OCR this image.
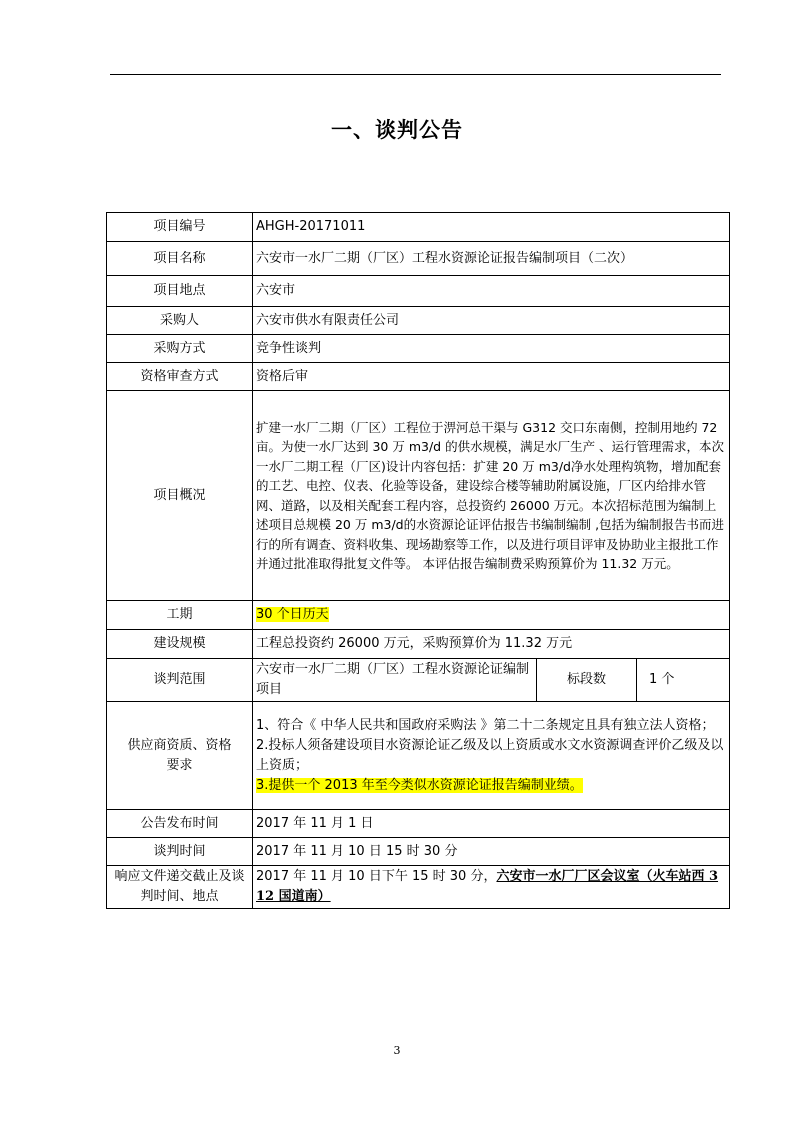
一、谈判公告
项目编号	AHGH-20171011		
项目名称	六安市一水厂二期（厂区）工程水资源论证报告编制项目（二次）		
项目地点	六安市		
采购人	六安市供水有限责任公司		
采购方式	竞争性谈判		
资格审查方式	资格后审		
项目概况	扩建一水厂二期（厂区）工程位于淠河总干渠与 G312 交口东南侧，控制用地约 72 亩。为使一水厂达到 30 万 m3/d 的供水规模，满足水厂生产 、运行管理需求，本次一水厂二期工程（厂区)设计内容包括：扩建 20 万 m3/d净水处理构筑物，增加配套的工艺、电控、仪表、化验等设备，建设综合楼等辅助附属设施，厂区内给排水管网、道路，以及相关配套工程内容，总投资约 26000 万元。本次招标范围为编制上述项目总规模 20 万 m3/d的水资源论证评估报告书编制编制 ,包括为编制报告书而进行的所有调查、资料收集、现场勘察等工作，以及进行项目评审及协助业主报批工作并通过批准取得批复文件等。 本评估报告编制费采购预算价为 11.32 万元。		
工期	30 个日历天		
建设规模	工程总投资约 26000 万元，采购预算价为 11.32 万元		
谈判范围	六安市一水厂二期（厂区）工程水资源论证编制项目	标段数	1 个
供应商资质、资格要求	1、符合《 中华人民共和国政府采购法 》第二十二条规定且具有独立法人资格；
2.投标人须备建设项目水资源论证乙级及以上资质或水文水资源调查评价乙级及以上资质；
3.提供一个 2013 年至今类似水资源论证报告编制业绩。		

公告发布时间	2017 年 11 月 1 日		
谈判时间	2017 年 11 月 10 日 15 时 30 分		
响应文件递交截止及谈判时间、地点	2017 年 11 月 10 日下午 15 时 30 分，六安市一水厂厂区会议室（火车站西 312 国道南）		
3
